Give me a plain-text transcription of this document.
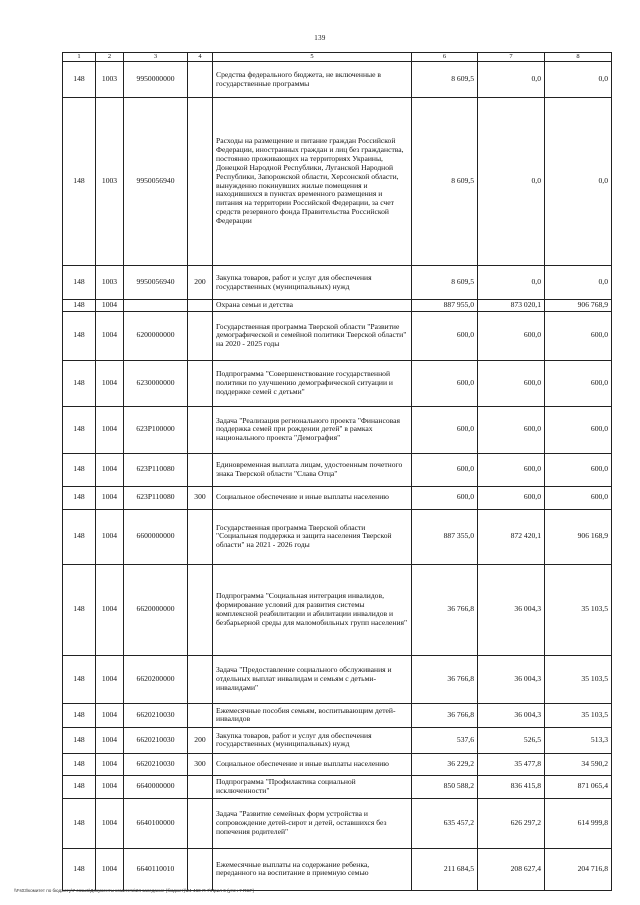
139
1	2	3	4	5	6	7	8
148	1003	9950000000		Средства федерального бюджета, не включенные в государственные программы	8 609,5	0,0	0,0
148	1003	9950056940		Расходы на размещение и питание граждан Российской Федерации, иностранных граждан и лиц без гражданства, постоянно проживающих на территориях Украины, Донецкой Народной Республики, Луганской Народной Республики, Запорожской области, Херсонской области, вынужденно покинувших жилые помещения и находившихся в пунктах временного размещения и питания на территории Российской Федерации, за счет средств резервного фонда Правительства Российской Федерации	8 609,5	0,0	0,0
148	1003	9950056940	200	Закупка товаров, работ и услуг для обеспечения государственных (муниципальных) нужд	8 609,5	0,0	0,0
148	1004			Охрана семьи и детства	887 955,0	873 020,1	906 768,9
148	1004	6200000000		Государственная программа Тверской области "Развитие демографической и семейной политики Тверской области" на 2020 - 2025 годы	600,0	600,0	600,0
148	1004	6230000000		Подпрограмма "Совершенствование государственной политики по улучшению демографической ситуации и поддержке семей с детьми"	600,0	600,0	600,0
148	1004	623P100000		Задача "Реализация регионального проекта "Финансовая поддержка семей при рождении детей" в рамках национального проекта "Демография"	600,0	600,0	600,0
148	1004	623P110080		Единовременная выплата лицам, удостоенным почетного знака Тверской области "Слава Отца"	600,0	600,0	600,0
148	1004	623P110080	300	Социальное обеспечение и иные выплаты населению	600,0	600,0	600,0
148	1004	6600000000		Государственная программа Тверской области "Социальная поддержка и защита населения Тверской области" на 2021 - 2026 годы	887 355,0	872 420,1	906 168,9
148	1004	6620000000		Подпрограмма "Социальная интеграция инвалидов, формирование условий для развития системы комплексной реабилитации и абилитации инвалидов и безбарьерной среды для маломобильных групп населения"	36 766,8	36 004,3	35 103,5
148	1004	6620200000		Задача "Предоставление социального обслуживания и отдельных выплат инвалидам и семьям с детьми-инвалидами"	36 766,8	36 004,3	35 103,5
148	1004	6620210030		Ежемесячные пособия семьям, воспитывающим детей-инвалидов	36 766,8	36 004,3	35 103,5
148	1004	6620210030	200	Закупка товаров, работ и услуг для обеспечения государственных (муниципальных) нужд	537,6	526,5	513,3
148	1004	6620210030	300	Социальное обеспечение и иные выплаты населению	36 229,2	35 477,8	34 590,2
148	1004	6640000000		Подпрограмма "Профилактика социальной исключенности"	850 588,2	836 415,8	871 065,4
148	1004	6640100000		Задача "Развитие семейных форм устройства и сопровождение детей-сирот и детей, оставшихся без попечения родителей"	635 457,2	626 297,2	614 999,8
148	1004	6640110010		Ежемесячные выплаты на содержание ребенка, переданного на воспитание в приемную семью	211 684,5	208 627,4	204 716,8
\\Fs03\комитет по бюджету\7 созыв\Документы комитета\24 заседание (бюджет)\24-460-П-7\Прил 6 (уточ 7 ПСР)
